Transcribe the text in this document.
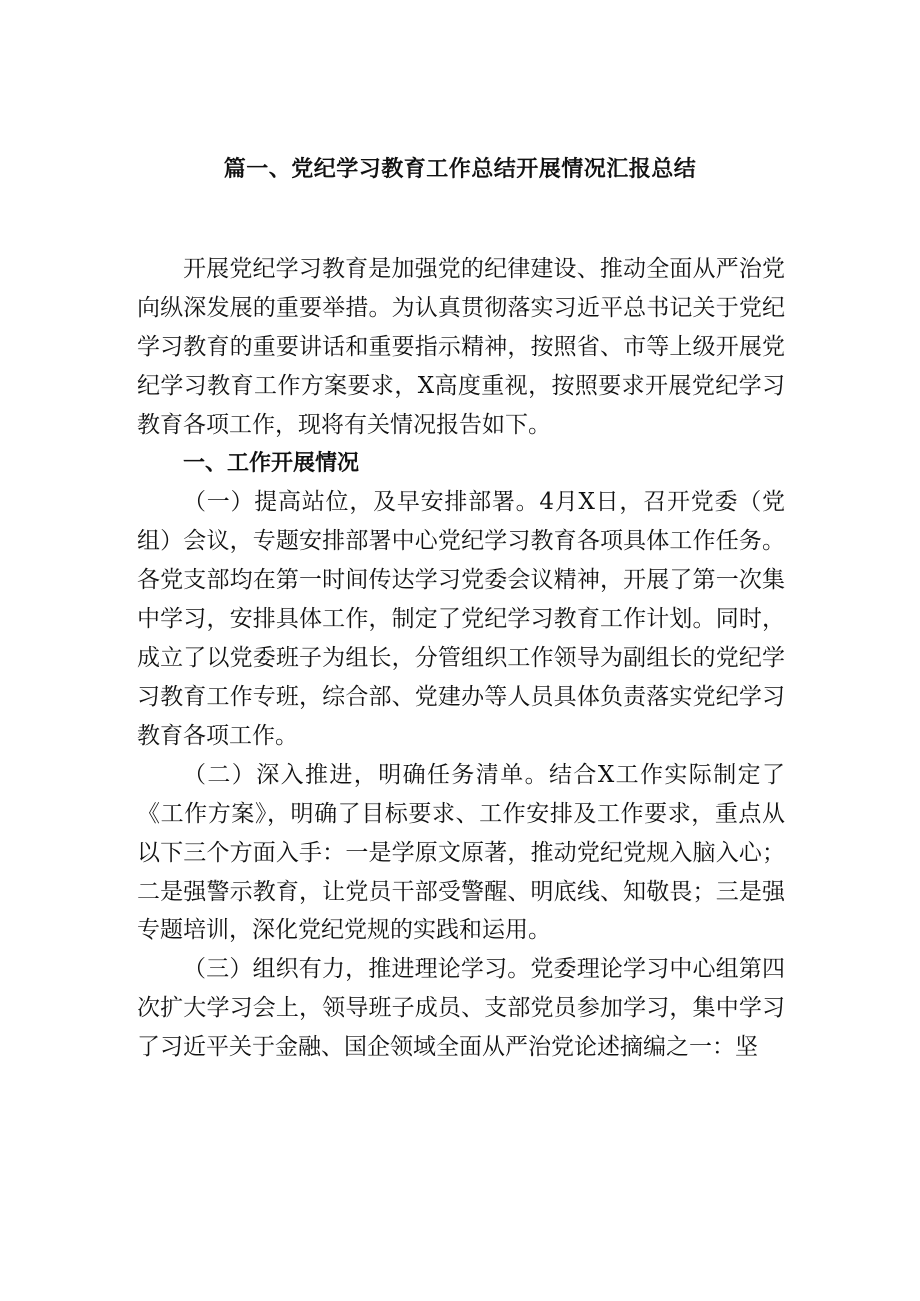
篇一、党纪学习教育工作总结开展情况汇报总结

开展党纪学习教育是加强党的纪律建设、推动全面从严治党向纵深发展的重要举措。为认真贯彻落实习近平总书记关于党纪学习教育的重要讲话和重要指示精神，按照省、市等上级开展党纪学习教育工作方案要求，X高度重视，按照要求开展党纪学习教育各项工作，现将有关情况报告如下。

一、工作开展情况

（一）提高站位，及早安排部署。4月X日，召开党委（党组）会议，专题安排部署中心党纪学习教育各项具体工作任务。各党支部均在第一时间传达学习党委会议精神，开展了第一次集中学习，安排具体工作，制定了党纪学习教育工作计划。同时，成立了以党委班子为组长，分管组织工作领导为副组长的党纪学习教育工作专班，综合部、党建办等人员具体负责落实党纪学习教育各项工作。

（二）深入推进，明确任务清单。结合X工作实际制定了《工作方案》，明确了目标要求、工作安排及工作要求，重点从以下三个方面入手：一是学原文原著，推动党纪党规入脑入心；二是强警示教育，让党员干部受警醒、明底线、知敬畏；三是强专题培训，深化党纪党规的实践和运用。

（三）组织有力，推进理论学习。党委理论学习中心组第四次扩大学习会上，领导班子成员、支部党员参加学习，集中学习了习近平关于金融、国企领域全面从严治党论述摘编之一：坚
